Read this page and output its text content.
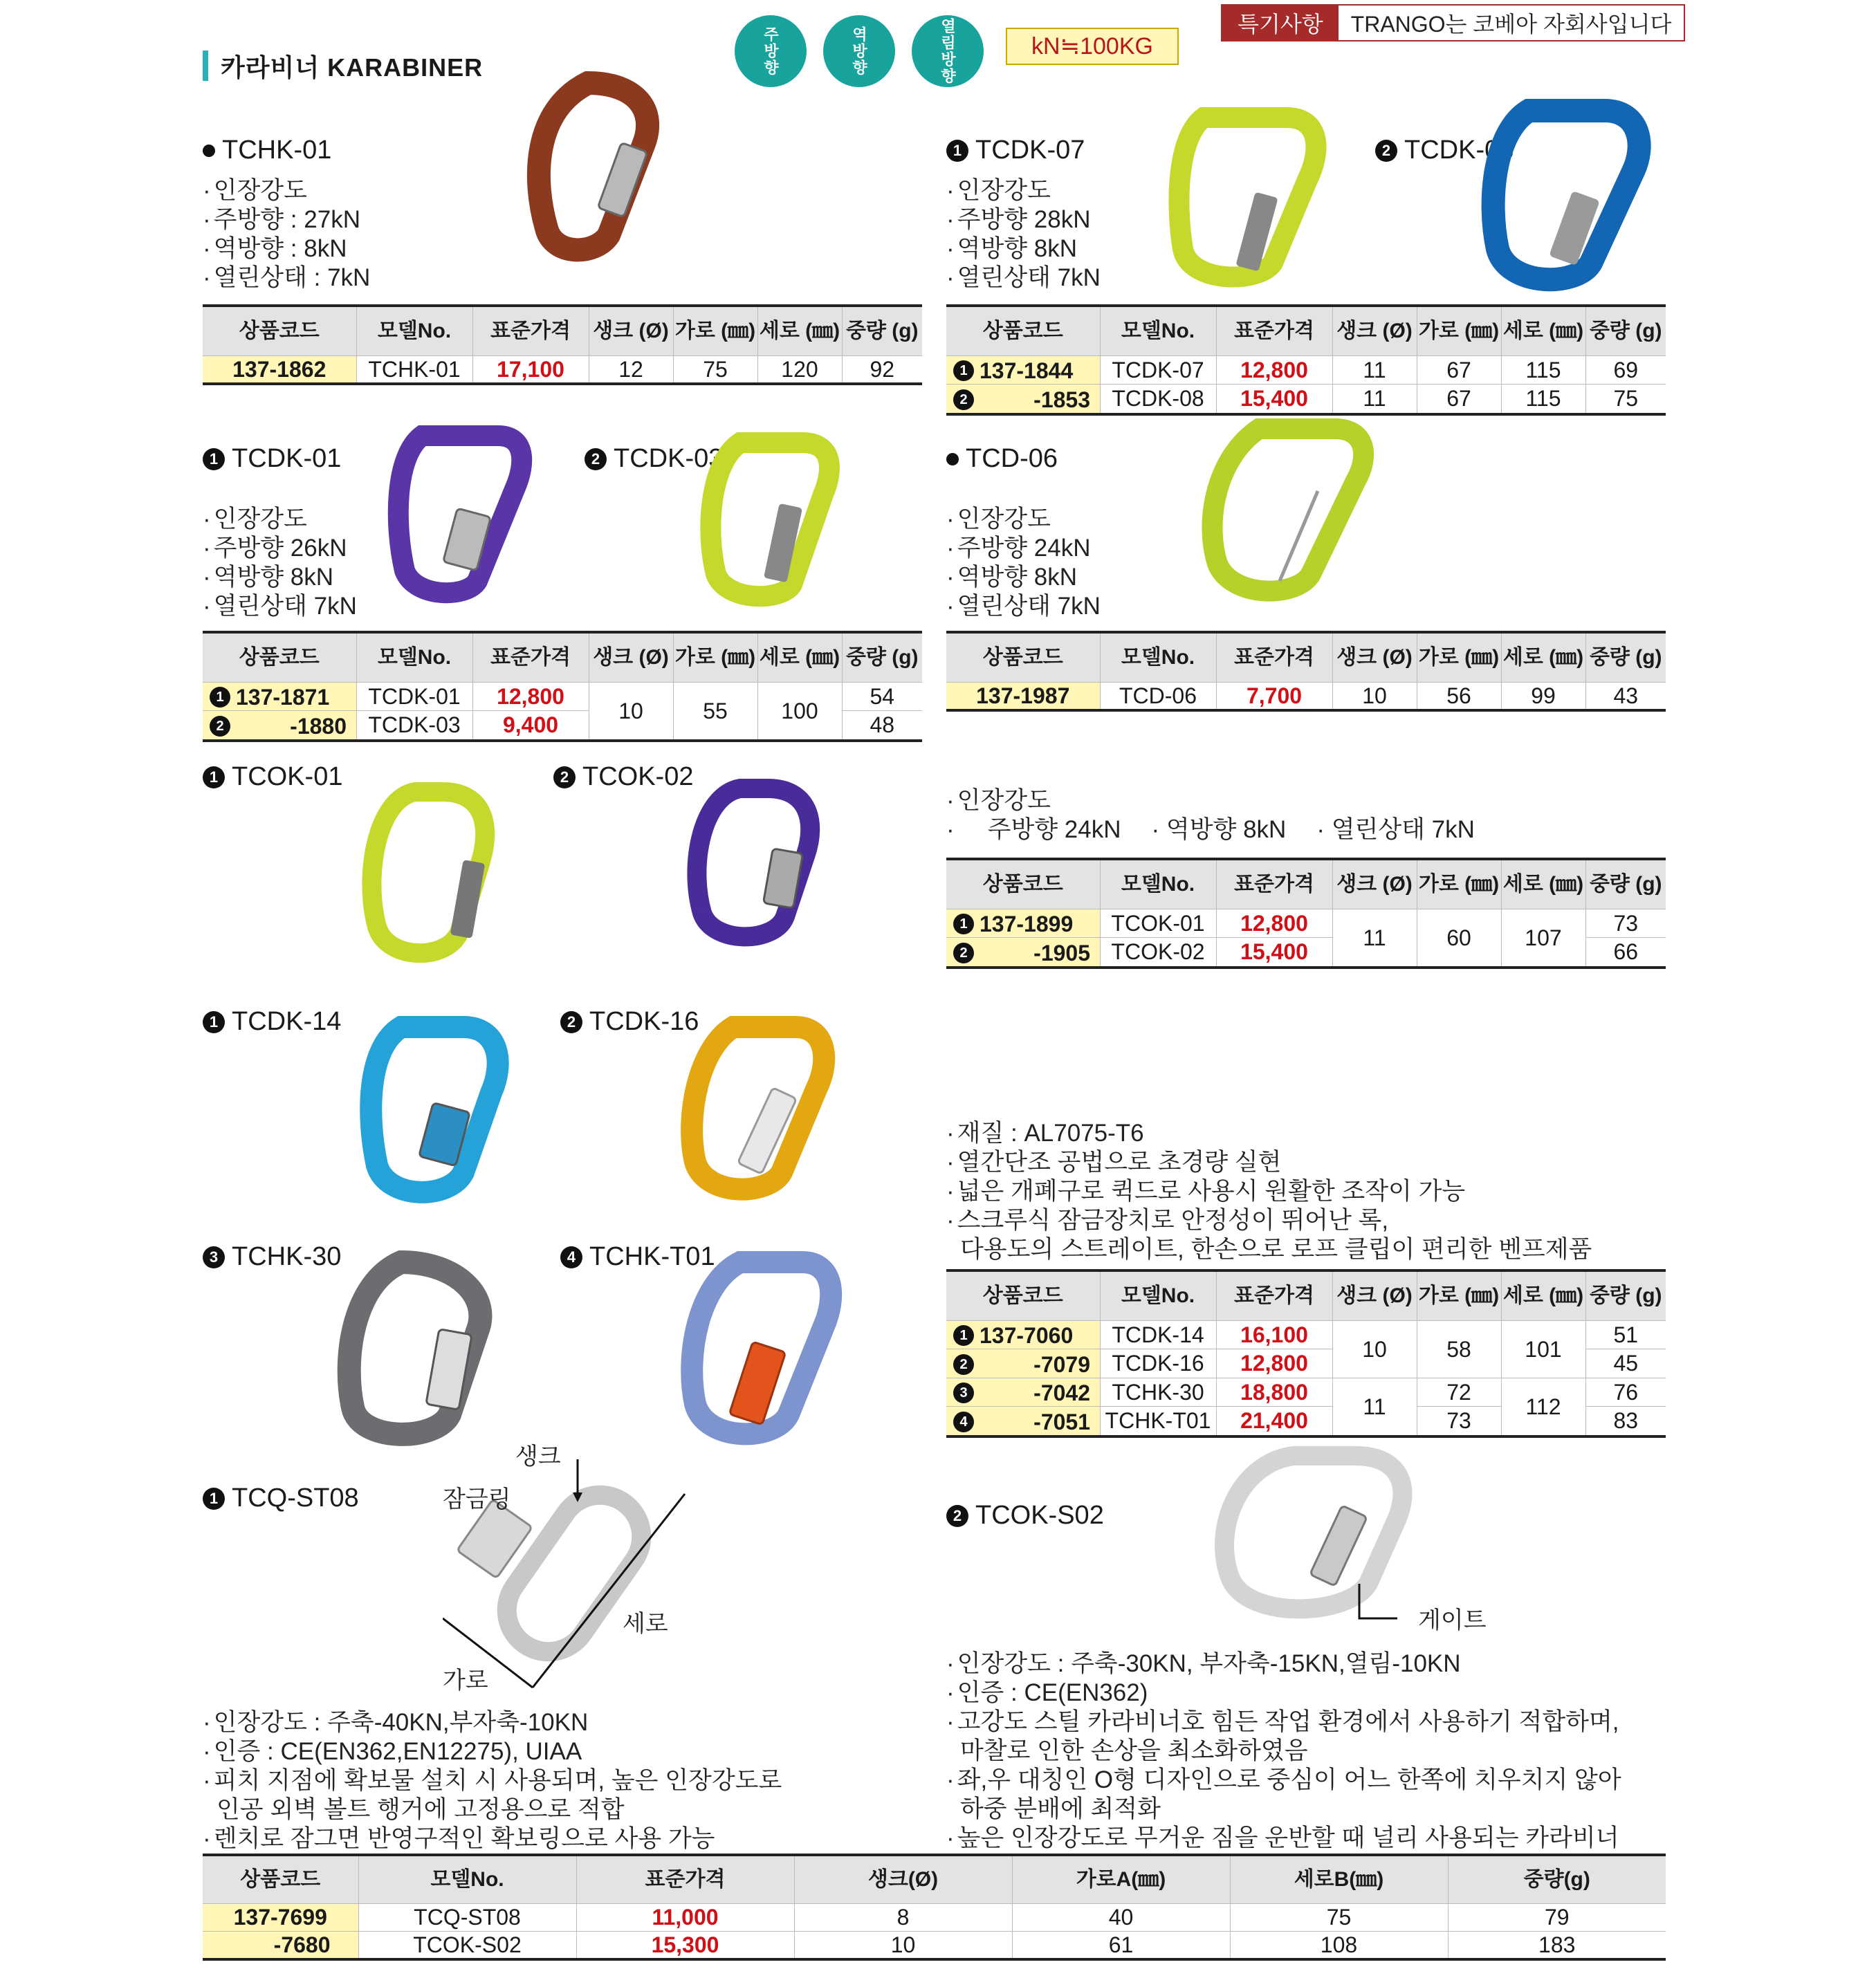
카라비너 KARABINER	주방향	역방향	열림방향	kN≒100KG
특기사항	TRANGO는 코베아 자회사입니다
TCHK-01
· 인장강도
· 주방향 : 27kN
· 역방향 : 8kN
· 열린상태 : 7kN
상품코드	모델No.	표준가격	생크 (Ø)	가로 (㎜)	세로 (㎜)	중량 (g)
137-1862	TCHK-01	17,100	12	75	120	92
1 TCDK-07	2 TCDK-08
· 인장강도
· 주방향 28kN
· 역방향 8kN
· 열린상태 7kN
상품코드	모델No.	표준가격	생크 (Ø)	가로 (㎜)	세로 (㎜)	중량 (g)
1 137-1844	TCDK-07	12,800	11	67	115	69
2 -1853	TCDK-08	15,400	11	67	115	75
1 TCDK-01	2 TCDK-03
· 인장강도
· 주방향 26kN
· 역방향 8kN
· 열린상태 7kN
상품코드	모델No.	표준가격	생크 (Ø)	가로 (㎜)	세로 (㎜)	중량 (g)
1 137-1871	TCDK-01	12,800	10	55	100	54
2 -1880	TCDK-03	9,400				48
TCD-06
· 인장강도
· 주방향 24kN
· 역방향 8kN
· 열린상태 7kN
상품코드	모델No.	표준가격	생크 (Ø)	가로 (㎜)	세로 (㎜)	중량 (g)
137-1987	TCD-06	7,700	10	56	99	43
1 TCOK-01	2 TCOK-02
· 인장강도
· 주방향 24kN · 역방향 8kN · 열린상태 7kN
상품코드	모델No.	표준가격	생크 (Ø)	가로 (㎜)	세로 (㎜)	중량 (g)
1 137-1899	TCOK-01	12,800	11	60	107	73
2 -1905	TCOK-02	15,400				66
1 TCDK-14	2 TCDK-16
3 TCHK-30	4 TCHK-T01
· 재질 : AL7075-T6
· 열간단조 공법으로 초경량 실현
· 넓은 개폐구로 퀵드로 사용시 원활한 조작이 가능
· 스크루식 잠금장치로 안정성이 뛰어난 록,
다용도의 스트레이트, 한손으로 로프 클립이 편리한 벤프제품
상품코드	모델No.	표준가격	생크 (Ø)	가로 (㎜)	세로 (㎜)	중량 (g)
1 137-7060	TCDK-14	16,100	10	58	101	51
2 -7079	TCDK-16	12,800				45
3 -7042	TCHK-30	18,800	11	72	112	76
4 -7051	TCHK-T01	21,400		73		83
1 TCQ-ST08
생크
잠금링
세로
가로
· 인장강도 : 주축-40KN,부자축-10KN
· 인증 : CE(EN362,EN12275), UIAA
· 피치 지점에 확보물 설치 시 사용되며, 높은 인장강도로
인공 외벽 볼트 행거에 고정용으로 적합
· 렌치로 잠그면 반영구적인 확보링으로 사용 가능
2 TCOK-S02
게이트
· 인장강도 : 주축-30KN, 부자축-15KN,열림-10KN
· 인증 : CE(EN362)
· 고강도 스틸 카라비너호 힘든 작업 환경에서 사용하기 적합하며,
마찰로 인한 손상을 최소화하였음
· 좌,우 대칭인 O형 디자인으로 중심이 어느 한쪽에 치우치지 않아
하중 분배에 최적화
· 높은 인장강도로 무거운 짐을 운반할 때 널리 사용되는 카라비너
상품코드	모델No.	표준가격	생크(Ø)	가로A(㎜)	세로B(㎜)	중량(g)
137-7699	TCQ-ST08	11,000	8	40	75	79
-7680	TCOK-S02	15,300	10	61	108	183
